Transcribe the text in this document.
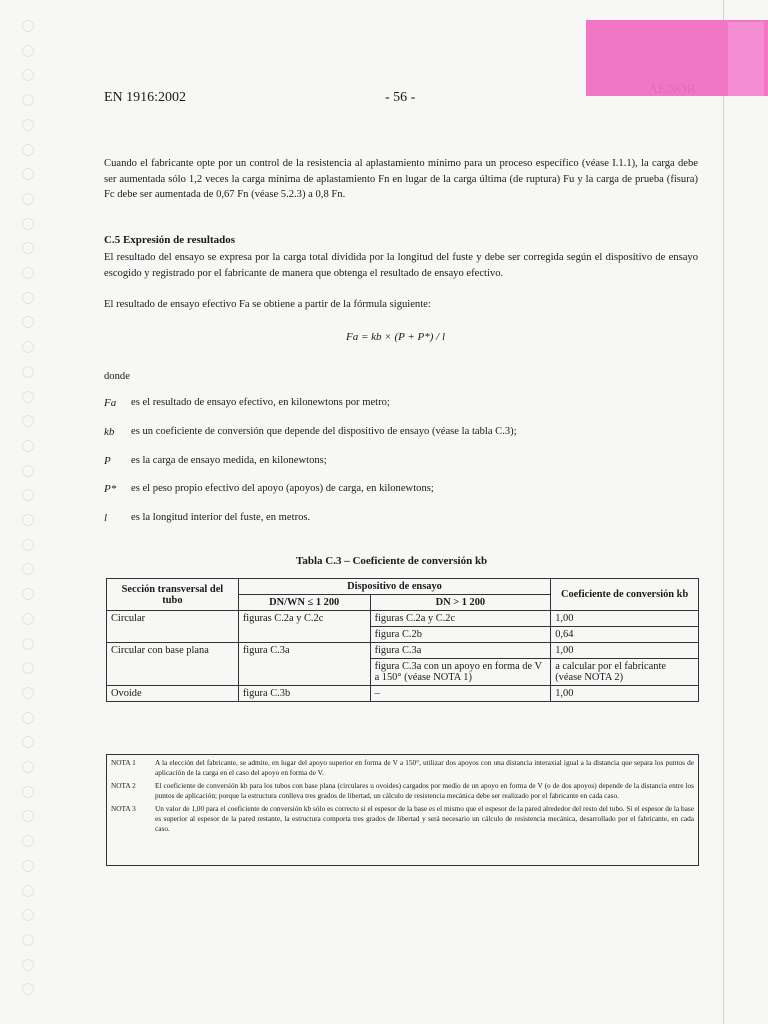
EN 1916:2002	- 56 -
Cuando el fabricante opte por un control de la resistencia al aplastamiento mínimo para un proceso específico (véase I.1.1), la carga debe ser aumentada sólo 1,2 veces la carga mínima de aplastamiento Fn en lugar de la carga última (de ruptura) Fu y la carga de prueba (fisura) Fc debe ser aumentada de 0,67 Fn (véase 5.2.3) a 0,8 Fn.
C.5 Expresión de resultados
El resultado del ensayo se expresa por la carga total dividida por la longitud del fuste y debe ser corregida según el dispositivo de ensayo escogido y registrado por el fabricante de manera que obtenga el resultado de ensayo efectivo.
El resultado de ensayo efectivo Fa se obtiene a partir de la fórmula siguiente:
Fa = kb × (P + P*) / l
donde
Fa es el resultado de ensayo efectivo, en kilonewtons por metro;
kb es un coeficiente de conversión que depende del dispositivo de ensayo (véase la tabla C.3);
P es la carga de ensayo medida, en kilonewtons;
P* es el peso propio efectivo del apoyo (apoyos) de carga, en kilonewtons;
l es la longitud interior del fuste, en metros.
Tabla C.3 – Coeficiente de conversión kb
Sección transversal del tubo	Dispositivo de ensayo		Coeficiente de conversión kb
	DN/WN ≤ 1 200	DN > 1 200	
Circular	figuras C.2a y C.2c	figuras C.2a y C.2c	1,00
		figura C.2b	0,64
Circular con base plana	figura C.3a	figura C.3a	1,00
		figura C.3a con un apoyo en forma de V a 150° (véase NOTA 1)	a calcular por el fabricante (véase NOTA 2)
Ovoide	figura C.3b	–	1,00
NOTA 1	A la elección del fabricante, se admite, en lugar del apoyo superior en forma de V a 150°, utilizar dos apoyos con una distancia interaxial igual a la distancia que separa los puntos de aplicación de la carga en el caso del apoyo en forma de V.
NOTA 2	El coeficiente de conversión kb para los tubos con base plana (circulares u ovoides) cargados por medio de un apoyo en forma de V (o de dos apoyos) depende de la distancia entre los puntos de aplicación; porque la estructura conlleva tres grados de libertad, un cálculo de resistencia mecánica debe ser realizado por el fabricante en cada caso.
NOTA 3	Un valor de 1,00 para el coeficiente de conversión kb sólo es correcto si el espesor de la base es el mismo que el espesor de la pared alrededor del resto del tubo. Si el espesor de la base es superior al espesor de la pared restante, la estructura comporta tres grados de libertad y será necesario un cálculo de resistencia mecánica, desarrollado por el fabricante, en cada caso.
